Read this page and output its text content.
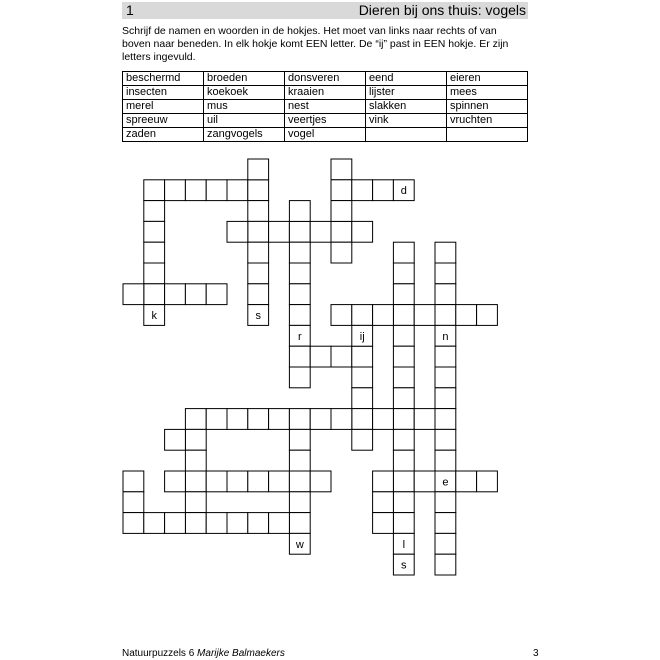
1	Dieren bij ons thuis: vogels
Schrijf de namen en woorden in de hokjes. Het moet van links naar rechts of van boven naar beneden. In elk hokje komt EEN letter. De “ij” past in EEN hokje. Er zijn letters ingevuld.
beschermd	broeden	donsveren	eend	eieren
insecten	koekoek	kraaien	lijster	mees
merel	mus	nest	slakken	spinnen
spreeuw	uil	veertjes	vink	vruchten
zaden	zangvogels	vogel		
d
k	s
r	ij	n
e
w	l
s
Natuurpuzzels 6 Marijke Balmaekers	3
